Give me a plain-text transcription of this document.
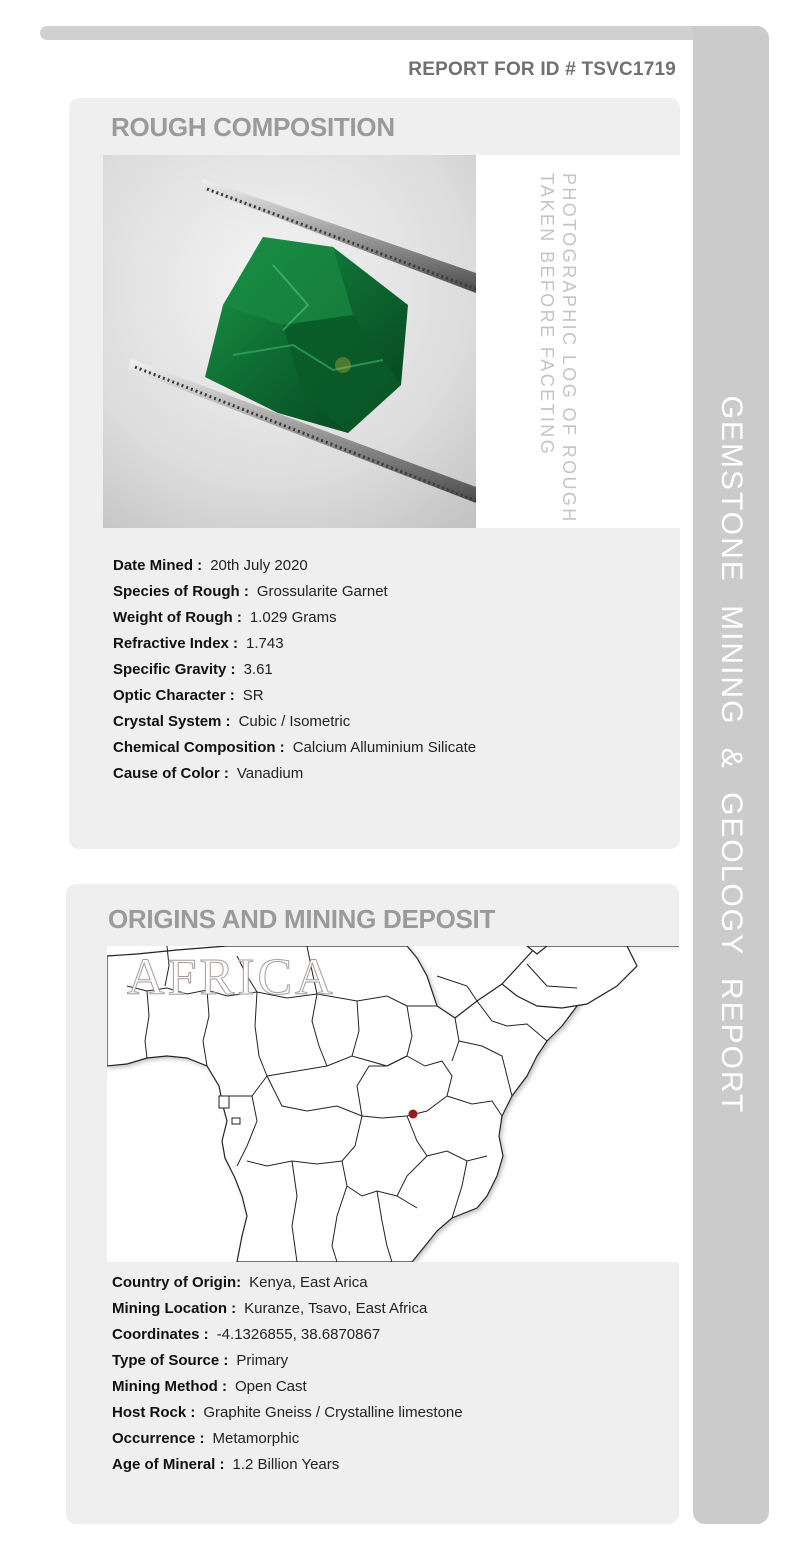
GEMSTONE MINING & GEOLOGY REPORT
REPORT FOR ID # TSVC1719
ROUGH COMPOSITION
PHOTOGRAPHIC LOG OF ROUGH
TAKEN BEFORE FACETING
Date Mined : 20th July 2020
Species of Rough : Grossularite Garnet
Weight of Rough : 1.029 Grams
Refractive Index : 1.743
Specific Gravity : 3.61
Optic Character : SR
Crystal System : Cubic / Isometric
Chemical Composition : Calcium Alluminium Silicate
Cause of Color : Vanadium
ORIGINS AND MINING DEPOSIT
AFRICA
Country of Origin: Kenya, East Arica
Mining Location : Kuranze, Tsavo, East Africa
Coordinates : -4.1326855, 38.6870867
Type of Source : Primary
Mining Method : Open Cast
Host Rock : Graphite Gneiss / Crystalline limestone
Occurrence : Metamorphic
Age of Mineral : 1.2 Billion Years
